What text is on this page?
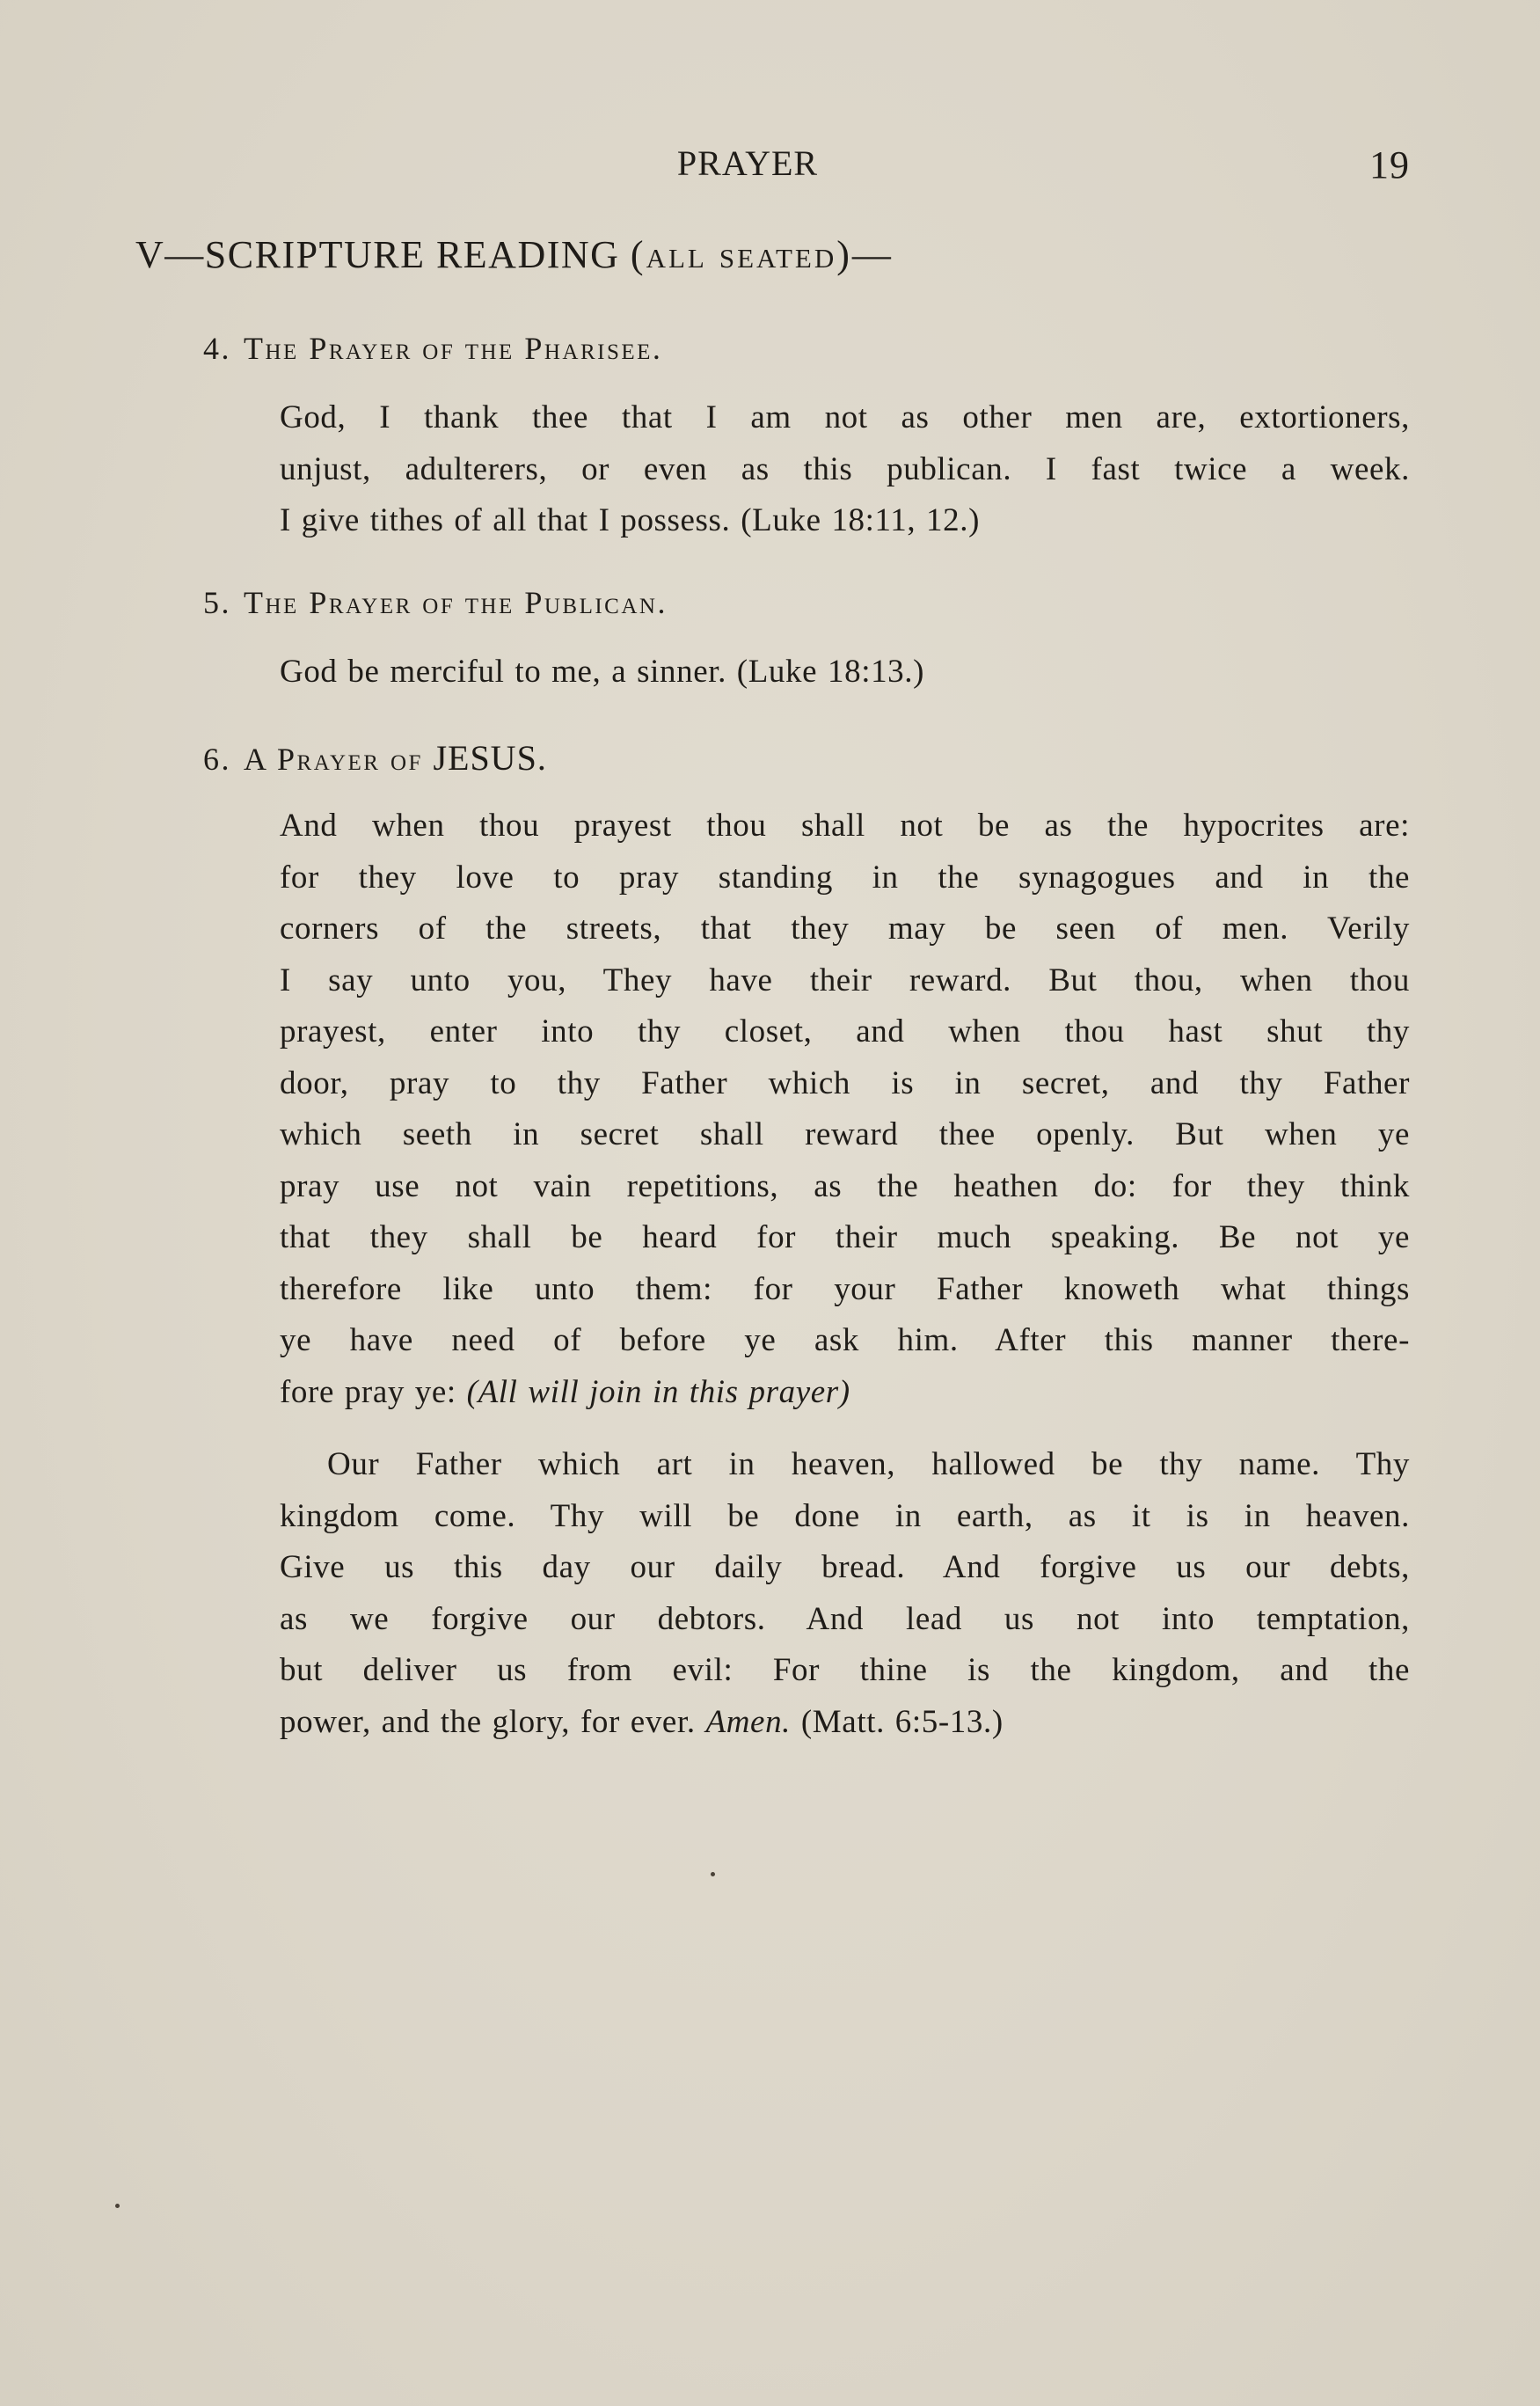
PRAYER	19
V—SCRIPTURE READING (all seated)—
4. The Prayer of the Pharisee.
God, I thank thee that I am not as other men are, extortioners,
unjust, adulterers, or even as this publican. I fast twice a week.
I give tithes of all that I possess. (Luke 18:11, 12.)
5. The Prayer of the Publican.
God be merciful to me, a sinner. (Luke 18:13.)
6. A Prayer of JESUS.
And when thou prayest thou shall not be as the hypocrites are:
for they love to pray standing in the synagogues and in the
corners of the streets, that they may be seen of men. Verily
I say unto you, They have their reward. But thou, when thou
prayest, enter into thy closet, and when thou hast shut thy
door, pray to thy Father which is in secret, and thy Father
which seeth in secret shall reward thee openly. But when ye
pray use not vain repetitions, as the heathen do: for they think
that they shall be heard for their much speaking. Be not ye
therefore like unto them: for your Father knoweth what things
ye have need of before ye ask him. After this manner there-
fore pray ye: (All will join in this prayer)
Our Father which art in heaven, hallowed be thy name. Thy
kingdom come. Thy will be done in earth, as it is in heaven.
Give us this day our daily bread. And forgive us our debts,
as we forgive our debtors. And lead us not into temptation,
but deliver us from evil: For thine is the kingdom, and the
power, and the glory, for ever. Amen. (Matt. 6:5-13.)
